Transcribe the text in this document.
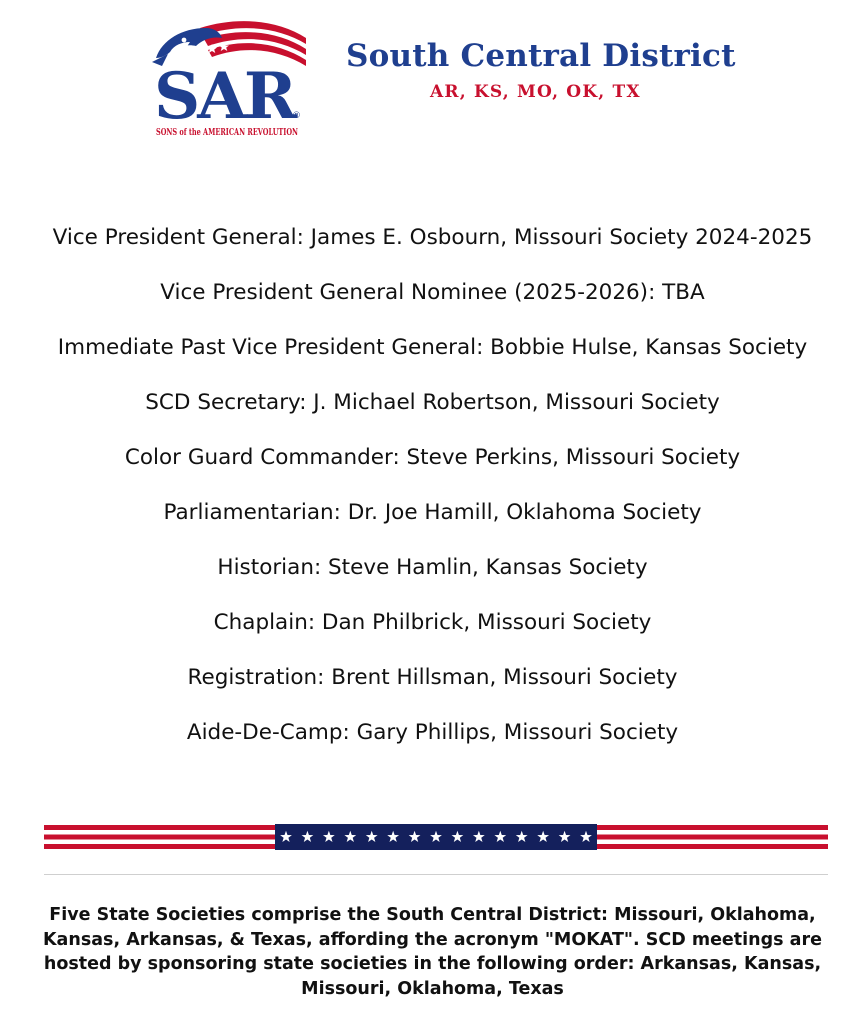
SAR
®
SONS of the AMERICAN REVOLUTION
South Central District
AR, KS, MO, OK, TX
Vice President General: James E. Osbourn, Missouri Society 2024-2025
Vice President General Nominee (2025-2026): TBA
Immediate Past Vice President General: Bobbie Hulse, Kansas Society
SCD Secretary: J. Michael Robertson, Missouri Society
Color Guard Commander: Steve Perkins, Missouri Society
Parliamentarian: Dr. Joe Hamill, Oklahoma Society
Historian: Steve Hamlin, Kansas Society
Chaplain: Dan Philbrick, Missouri Society
Registration: Brent Hillsman, Missouri Society
Aide-De-Camp: Gary Phillips, Missouri Society
Five State Societies comprise the South Central District: Missouri, Oklahoma, Kansas, Arkansas, & Texas, affording the acronym "MOKAT". SCD meetings are hosted by sponsoring state societies in the following order: Arkansas, Kansas, Missouri, Oklahoma, Texas
